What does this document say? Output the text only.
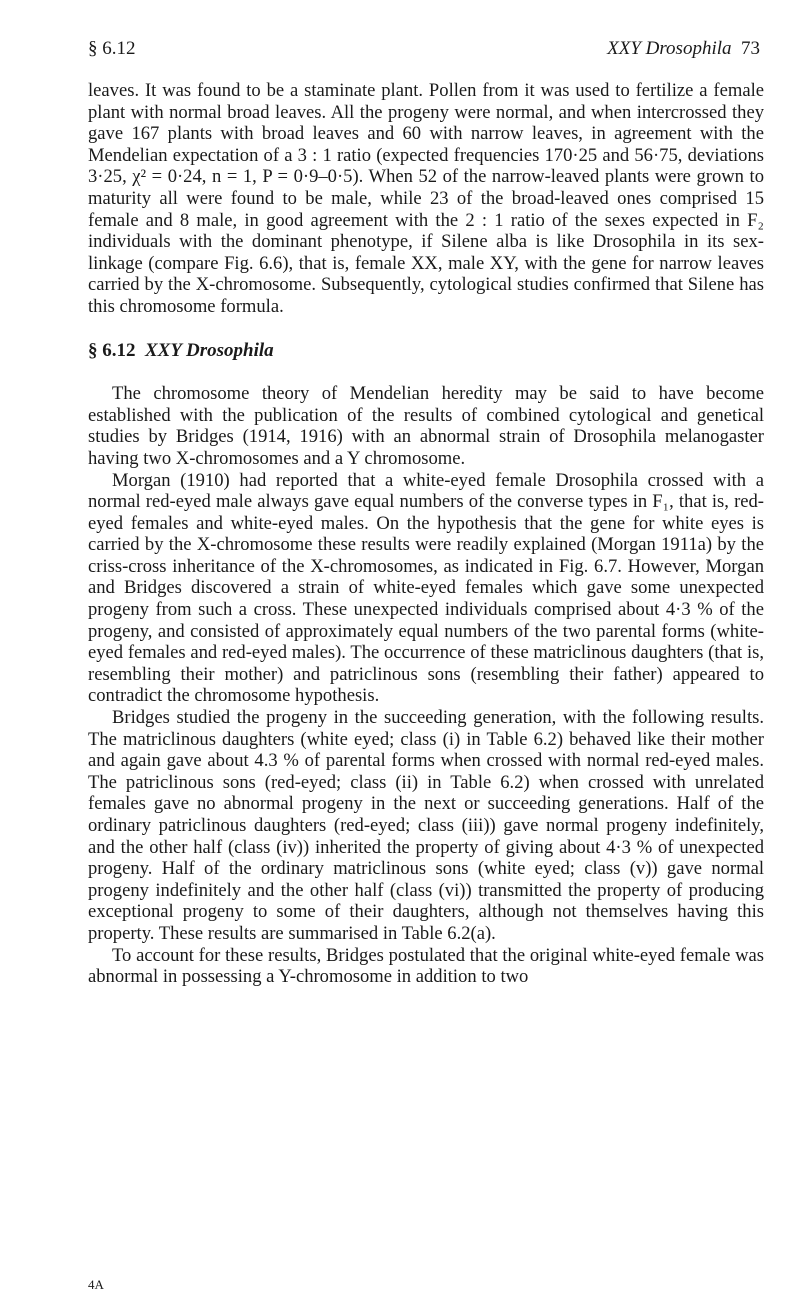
§ 6.12	XXY Drosophila 73

leaves. It was found to be a staminate plant. Pollen from it was used to fertilize a female plant with normal broad leaves. All the progeny were normal, and when intercrossed they gave 167 plants with broad leaves and 60 with narrow leaves, in agreement with the Mendelian expectation of a 3 : 1 ratio (expected frequencies 170·25 and 56·75, deviations 3·25, χ² = 0·24, n = 1, P = 0·9–0·5). When 52 of the narrow-leaved plants were grown to maturity all were found to be male, while 23 of the broad-leaved ones comprised 15 female and 8 male, in good agreement with the 2 : 1 ratio of the sexes expected in F₂ individuals with the dominant phenotype, if Silene alba is like Drosophila in its sex-linkage (compare Fig. 6.6), that is, female XX, male XY, with the gene for narrow leaves carried by the X-chromosome. Subsequently, cytological studies confirmed that Silene has this chromosome formula.

§ 6.12 XXY Drosophila

The chromosome theory of Mendelian heredity may be said to have become established with the publication of the results of combined cytological and genetical studies by Bridges (1914, 1916) with an abnormal strain of Drosophila melanogaster having two X-chromosomes and a Y chromosome.

Morgan (1910) had reported that a white-eyed female Drosophila crossed with a normal red-eyed male always gave equal numbers of the converse types in F₁, that is, red-eyed females and white-eyed males. On the hypothesis that the gene for white eyes is carried by the X-chromosome these results were readily explained (Morgan 1911a) by the criss-cross inheritance of the X-chromosomes, as indicated in Fig. 6.7. However, Morgan and Bridges discovered a strain of white-eyed females which gave some unexpected progeny from such a cross. These unexpected individuals comprised about 4·3 % of the progeny, and consisted of approximately equal numbers of the two parental forms (white-eyed females and red-eyed males). The occurrence of these matriclinous daughters (that is, resembling their mother) and patriclinous sons (resembling their father) appeared to contradict the chromosome hypothesis.

Bridges studied the progeny in the succeeding generation, with the following results. The matriclinous daughters (white eyed; class (i) in Table 6.2) behaved like their mother and again gave about 4.3 % of parental forms when crossed with normal red-eyed males. The patriclinous sons (red-eyed; class (ii) in Table 6.2) when crossed with unrelated females gave no abnormal progeny in the next or succeeding generations. Half of the ordinary patriclinous daughters (red-eyed; class (iii)) gave normal progeny indefinitely, and the other half (class (iv)) inherited the property of giving about 4·3 % of unexpected progeny. Half of the ordinary matriclinous sons (white eyed; class (v)) gave normal progeny indefinitely and the other half (class (vi)) transmitted the property of producing exceptional progeny to some of their daughters, although not themselves having this property. These results are summarised in Table 6.2(a).

To account for these results, Bridges postulated that the original white-eyed female was abnormal in possessing a Y-chromosome in addition to two

4A
